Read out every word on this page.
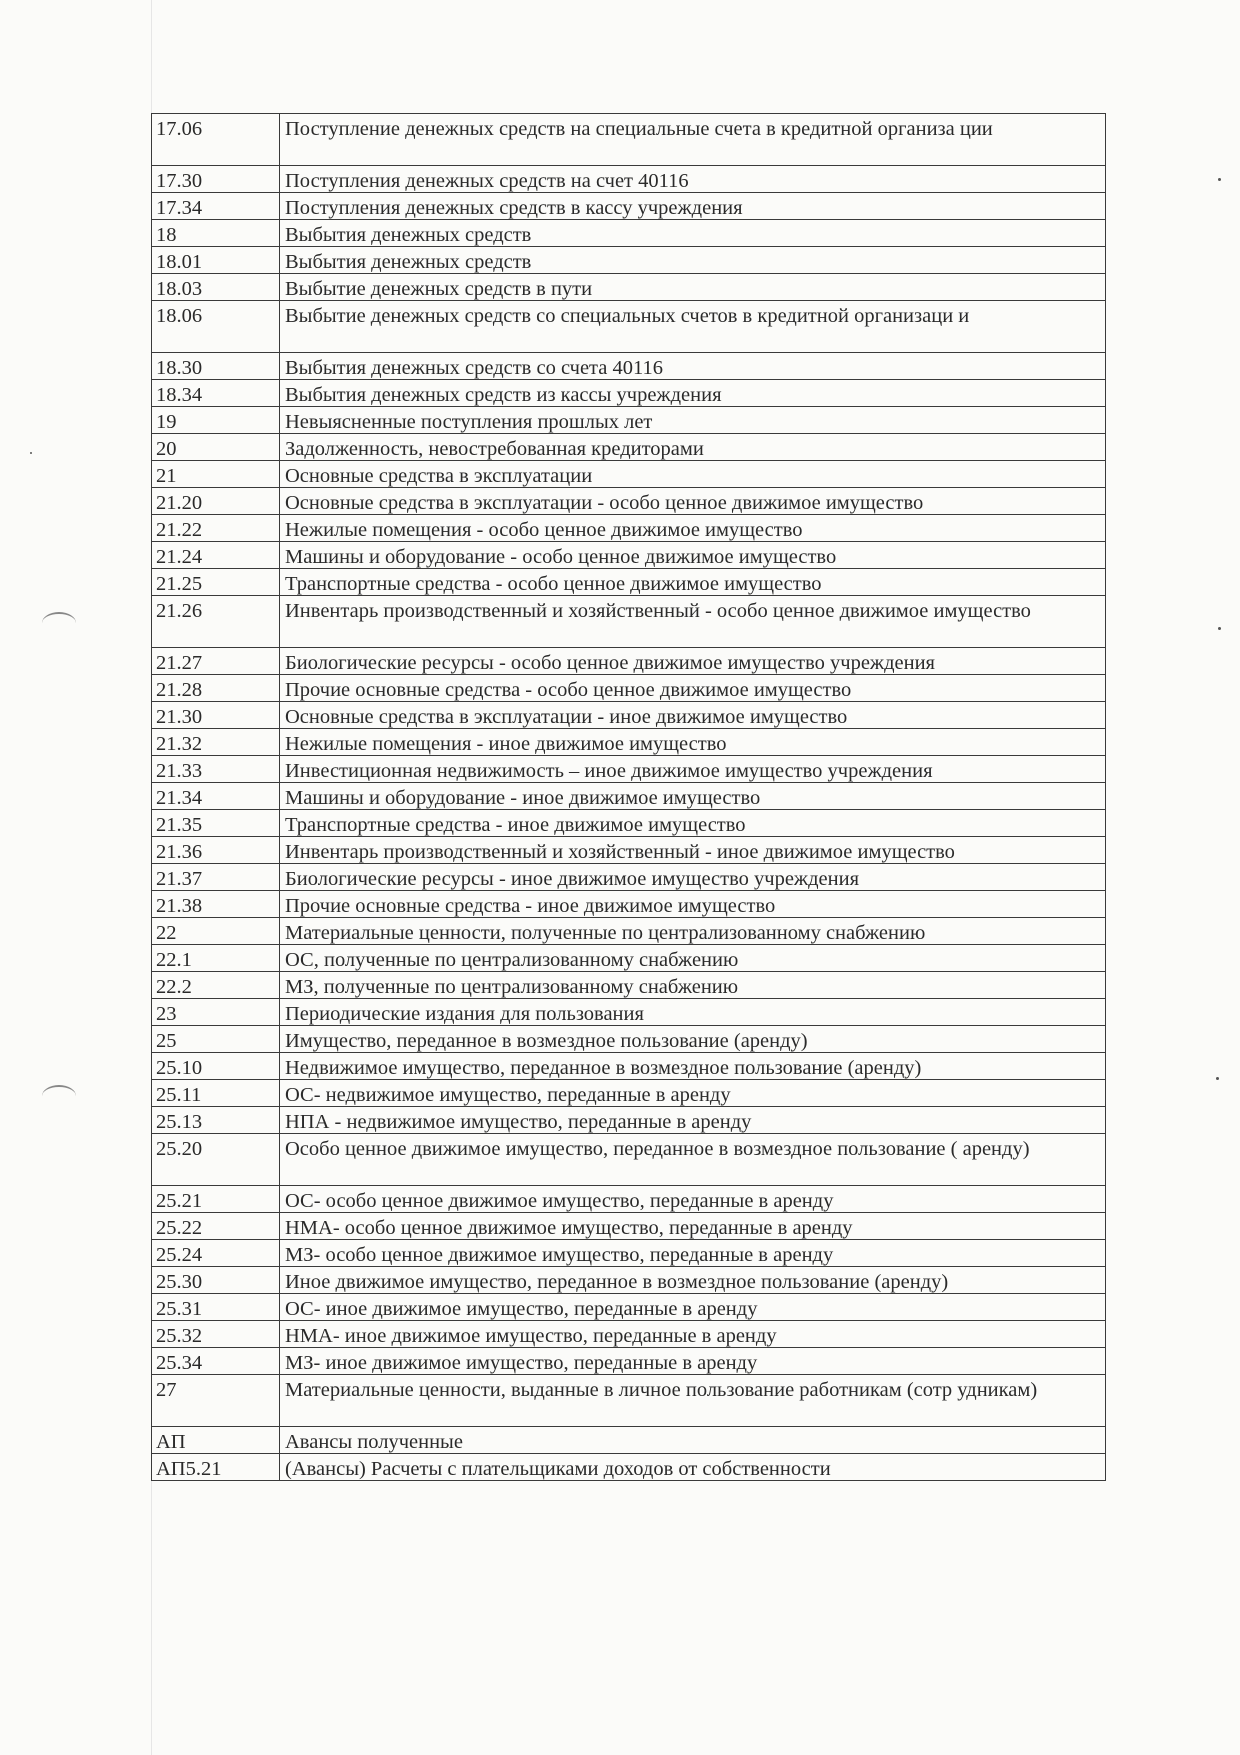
17.06	Поступление денежных средств на специальные счета в кредитной организа ции
17.30	Поступления денежных средств на счет 40116
17.34	Поступления денежных средств в кассу учреждения
18	Выбытия денежных средств
18.01	Выбытия денежных средств
18.03	Выбытие денежных средств в пути
18.06	Выбытие денежных средств со специальных счетов в кредитной организаци и
18.30	Выбытия денежных средств со счета 40116
18.34	Выбытия денежных средств из кассы учреждения
19	Невыясненные поступления прошлых лет
20	Задолженность, невостребованная кредиторами
21	Основные средства в эксплуатации
21.20	Основные средства в эксплуатации - особо ценное движимое имущество
21.22	Нежилые помещения - особо ценное движимое имущество
21.24	Машины и оборудование - особо ценное движимое имущество
21.25	Транспортные средства - особо ценное движимое имущество
21.26	Инвентарь производственный и хозяйственный - особо ценное движимое имущество
21.27	Биологические ресурсы - особо ценное движимое имущество учреждения
21.28	Прочие основные средства - особо ценное движимое имущество
21.30	Основные средства в эксплуатации - иное движимое имущество
21.32	Нежилые помещения - иное движимое имущество
21.33	Инвестиционная недвижимость – иное движимое имущество учреждения
21.34	Машины и оборудование - иное движимое имущество
21.35	Транспортные средства - иное движимое имущество
21.36	Инвентарь производственный и хозяйственный - иное движимое имущество
21.37	Биологические ресурсы - иное движимое имущество учреждения
21.38	Прочие основные средства - иное движимое имущество
22	Материальные ценности, полученные по централизованному снабжению
22.1	ОС, полученные по централизованному снабжению
22.2	МЗ, полученные по централизованному снабжению
23	Периодические издания для пользования
25	Имущество, переданное в возмездное пользование (аренду)
25.10	Недвижимое имущество, переданное в возмездное пользование (аренду)
25.11	ОС- недвижимое имущество, переданные в аренду
25.13	НПА - недвижимое имущество, переданные в аренду
25.20	Особо ценное движимое имущество, переданное в возмездное пользование ( аренду)
25.21	ОС- особо ценное движимое имущество, переданные в аренду
25.22	НМА- особо ценное движимое имущество, переданные в аренду
25.24	МЗ- особо ценное движимое имущество, переданные в аренду
25.30	Иное движимое имущество, переданное в возмездное пользование (аренду)
25.31	ОС- иное движимое имущество, переданные в аренду
25.32	НМА- иное движимое имущество, переданные в аренду
25.34	МЗ- иное движимое имущество, переданные в аренду
27	Материальные ценности, выданные в личное пользование работникам (сотр удникам)
АП	Авансы полученные
АП5.21	(Авансы) Расчеты с плательщиками доходов от собственности
